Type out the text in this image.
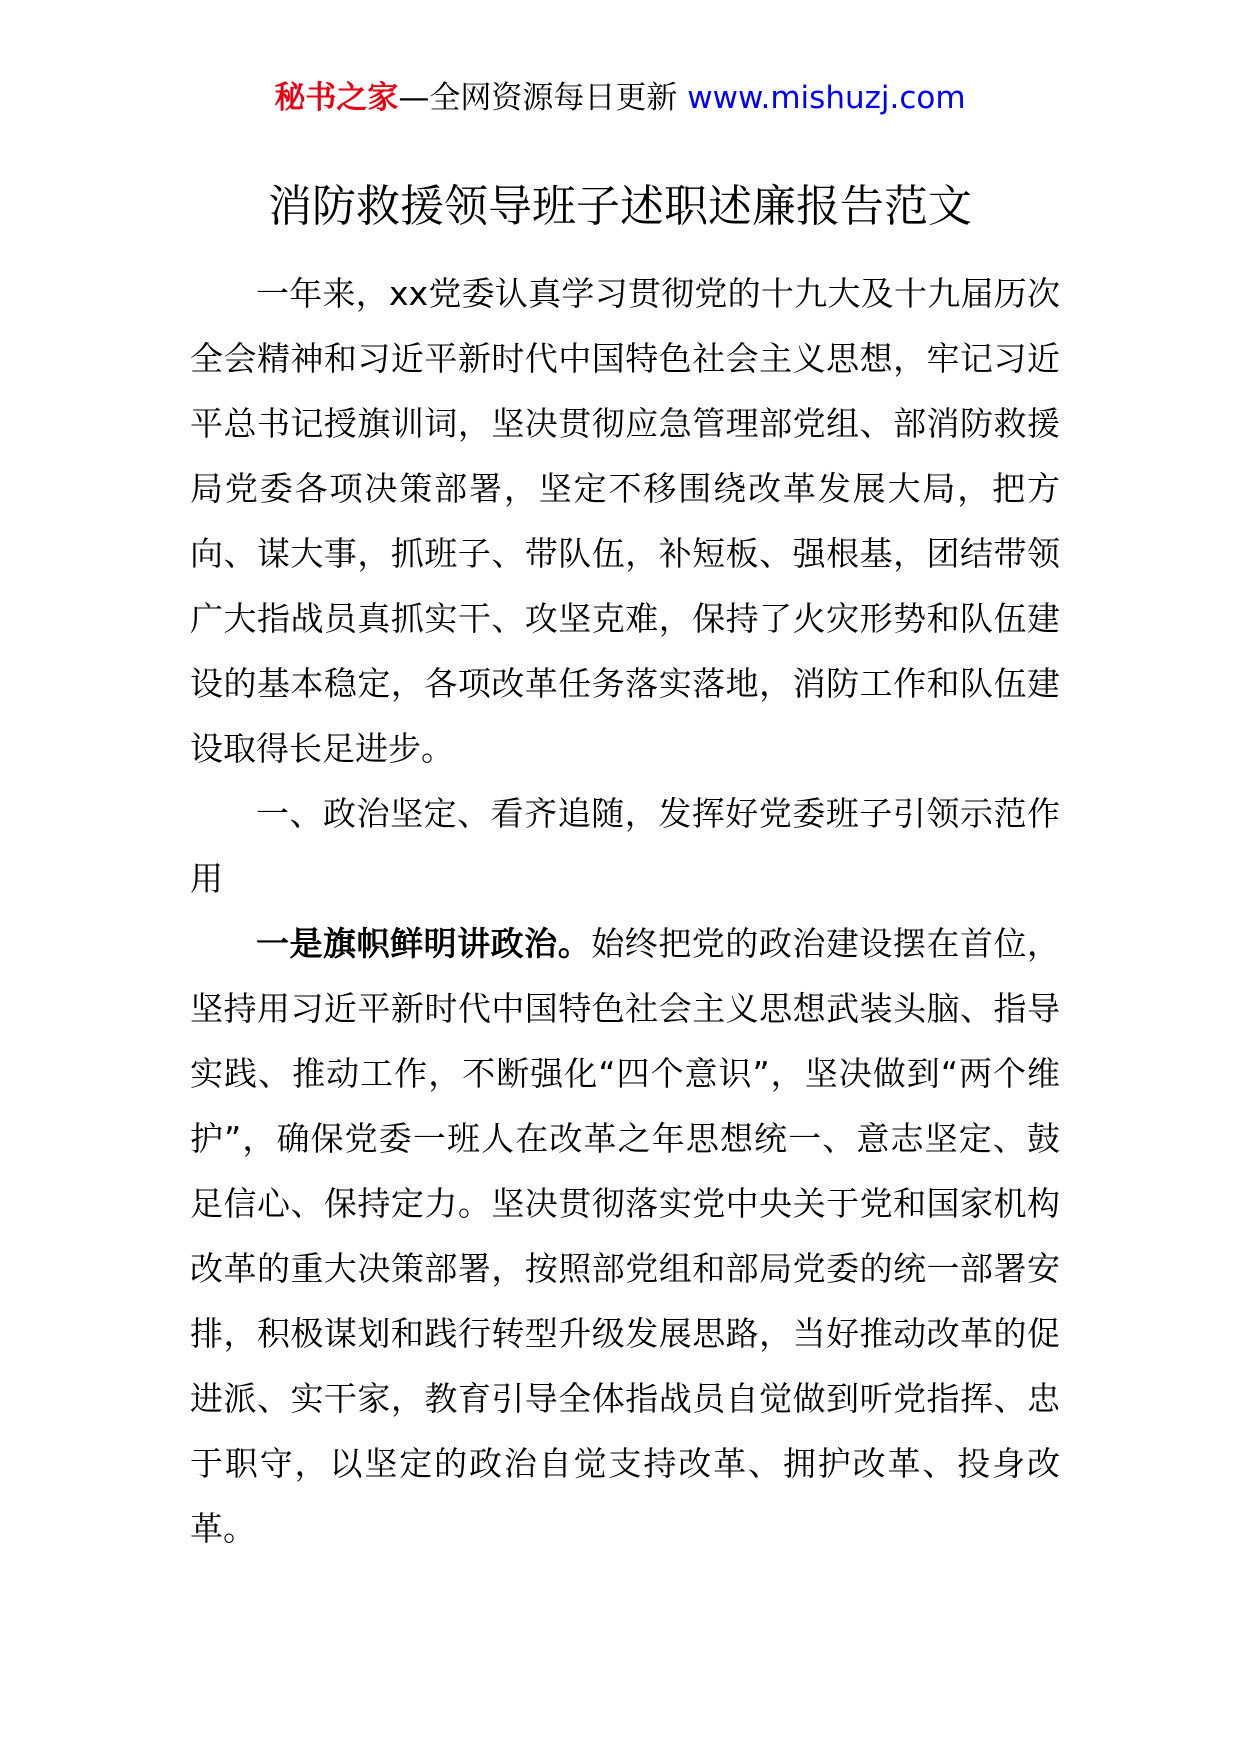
秘书之家—全网资源每日更新 www.mishuzj.com
消防救援领导班子述职述廉报告范文

一年来，xx党委认真学习贯彻党的十九大及十九届历次全会精神和习近平新时代中国特色社会主义思想，牢记习近平总书记授旗训词，坚决贯彻应急管理部党组、部消防救援局党委各项决策部署，坚定不移围绕改革发展大局，把方向、谋大事，抓班子、带队伍，补短板、强根基，团结带领广大指战员真抓实干、攻坚克难，保持了火灾形势和队伍建设的基本稳定，各项改革任务落实落地，消防工作和队伍建设取得长足进步。

一、政治坚定、看齐追随，发挥好党委班子引领示范作用

一是旗帜鲜明讲政治。始终把党的政治建设摆在首位，坚持用习近平新时代中国特色社会主义思想武装头脑、指导实践、推动工作，不断强化“四个意识”，坚决做到“两个维护”，确保党委一班人在改革之年思想统一、意志坚定、鼓足信心、保持定力。坚决贯彻落实党中央关于党和国家机构改革的重大决策部署，按照部党组和部局党委的统一部署安排，积极谋划和践行转型升级发展思路，当好推动改革的促进派、实干家，教育引导全体指战员自觉做到听党指挥、忠于职守，以坚定的政治自觉支持改革、拥护改革、投身改革。
